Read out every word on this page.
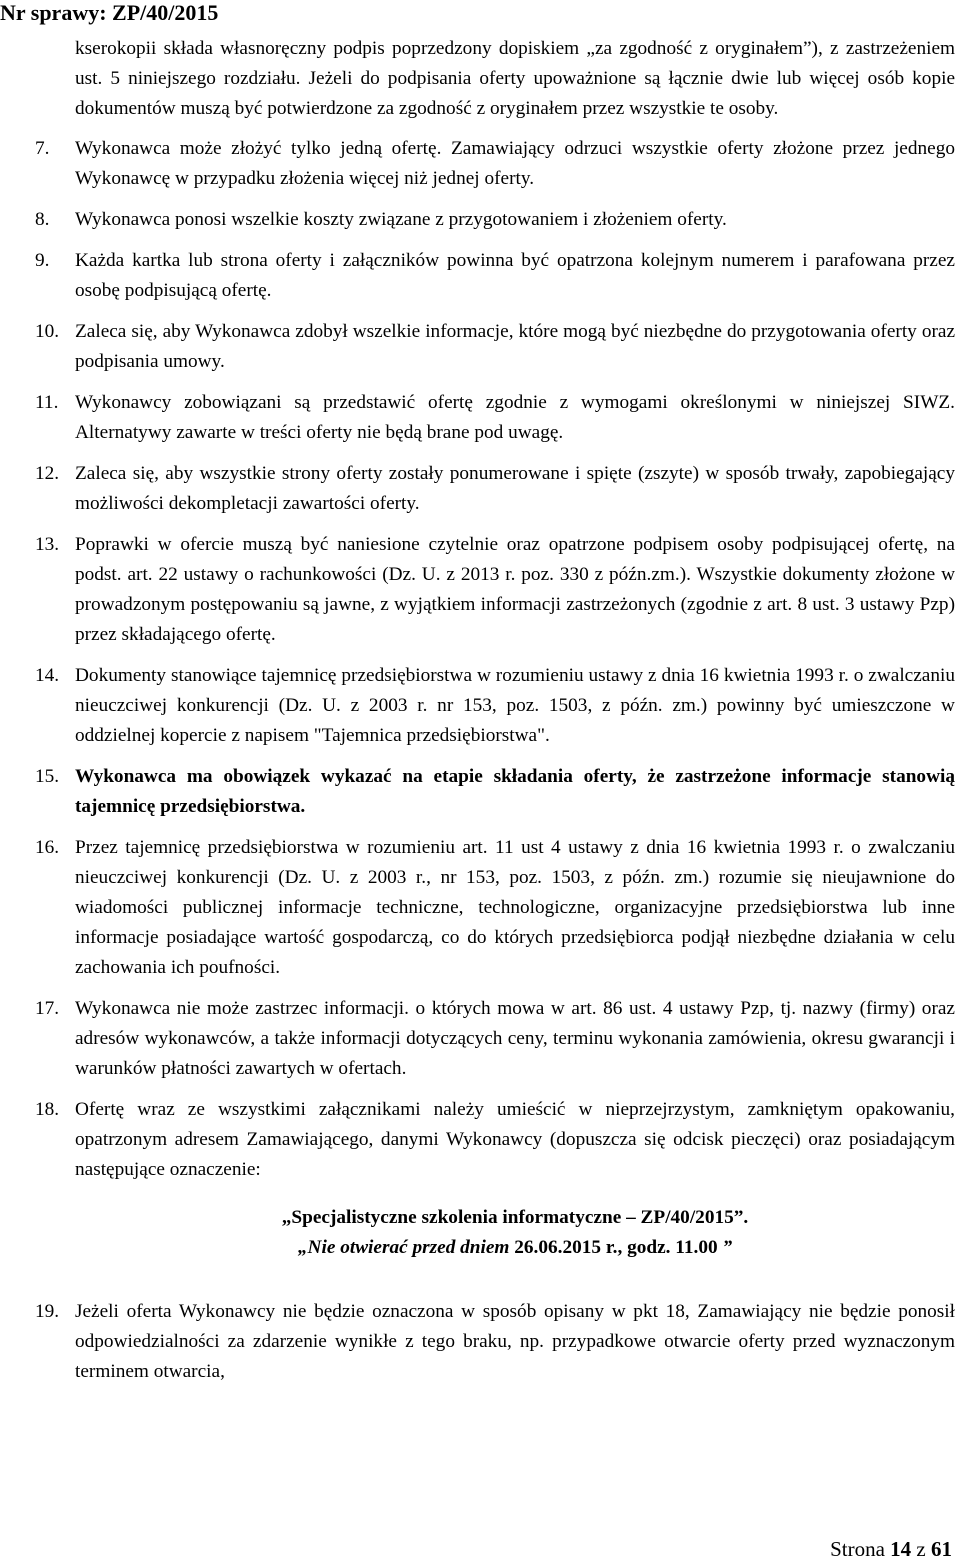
Nr sprawy: ZP/40/2015

kserokopii składa własnoręczny podpis poprzedzony dopiskiem „za zgodność z oryginałem”), z zastrzeżeniem ust. 5 niniejszego rozdziału. Jeżeli do podpisania oferty upoważnione są łącznie dwie lub więcej osób kopie dokumentów muszą być potwierdzone za zgodność z oryginałem przez wszystkie te osoby.

7. Wykonawca może złożyć tylko jedną ofertę. Zamawiający odrzuci wszystkie oferty złożone przez jednego Wykonawcę w przypadku złożenia więcej niż jednej oferty.

8. Wykonawca ponosi wszelkie koszty związane z przygotowaniem i złożeniem oferty.

9. Każda kartka lub strona oferty i załączników powinna być opatrzona kolejnym numerem i parafowana przez osobę podpisującą ofertę.

10. Zaleca się, aby Wykonawca zdobył wszelkie informacje, które mogą być niezbędne do przygotowania oferty oraz podpisania umowy.

11. Wykonawcy zobowiązani są przedstawić ofertę zgodnie z wymogami określonymi w niniejszej SIWZ. Alternatywy zawarte w treści oferty nie będą brane pod uwagę.

12. Zaleca się, aby wszystkie strony oferty zostały ponumerowane i spięte (zszyte) w sposób trwały, zapobiegający możliwości dekompletacji zawartości oferty.

13. Poprawki w ofercie muszą być naniesione czytelnie oraz opatrzone podpisem osoby podpisującej ofertę, na podst. art. 22 ustawy o rachunkowości (Dz. U. z 2013 r. poz. 330 z późn.zm.). Wszystkie dokumenty złożone w prowadzonym postępowaniu są jawne, z wyjątkiem informacji zastrzeżonych (zgodnie z art. 8 ust. 3 ustawy Pzp) przez składającego ofertę.

14. Dokumenty stanowiące tajemnicę przedsiębiorstwa w rozumieniu ustawy z dnia 16 kwietnia 1993 r. o zwalczaniu nieuczciwej konkurencji (Dz. U. z 2003 r. nr 153, poz. 1503, z późn. zm.) powinny być umieszczone w oddzielnej kopercie z napisem "Tajemnica przedsiębiorstwa".

15. Wykonawca ma obowiązek wykazać na etapie składania oferty, że zastrzeżone informacje stanowią tajemnicę przedsiębiorstwa.

16. Przez tajemnicę przedsiębiorstwa w rozumieniu art. 11 ust 4 ustawy z dnia 16 kwietnia 1993 r. o zwalczaniu nieuczciwej konkurencji (Dz. U. z 2003 r., nr 153, poz. 1503, z późn. zm.) rozumie się nieujawnione do wiadomości publicznej informacje techniczne, technologiczne, organizacyjne przedsiębiorstwa lub inne informacje posiadające wartość gospodarczą, co do których przedsiębiorca podjął niezbędne działania w celu zachowania ich poufności.

17. Wykonawca nie może zastrzec informacji. o których mowa w art. 86 ust. 4 ustawy Pzp, tj. nazwy (firmy) oraz adresów wykonawców, a także informacji dotyczących ceny, terminu wykonania zamówienia, okresu gwarancji i warunków płatności zawartych w ofertach.

18. Ofertę wraz ze wszystkimi załącznikami należy umieścić w nieprzejrzystym, zamkniętym opakowaniu, opatrzonym adresem Zamawiającego, danymi Wykonawcy (dopuszcza się odcisk pieczęci) oraz posiadającym następujące oznaczenie:

„Specjalistyczne szkolenia informatyczne – ZP/40/2015”.
„Nie otwierać przed dniem 26.06.2015 r., godz. 11.00 ”
19. Jeżeli oferta Wykonawcy nie będzie oznaczona w sposób opisany w pkt 18, Zamawiający nie będzie ponosił odpowiedzialności za zdarzenie wynikłe z tego braku, np. przypadkowe otwarcie oferty przed wyznaczonym terminem otwarcia,

Strona 14 z 61
